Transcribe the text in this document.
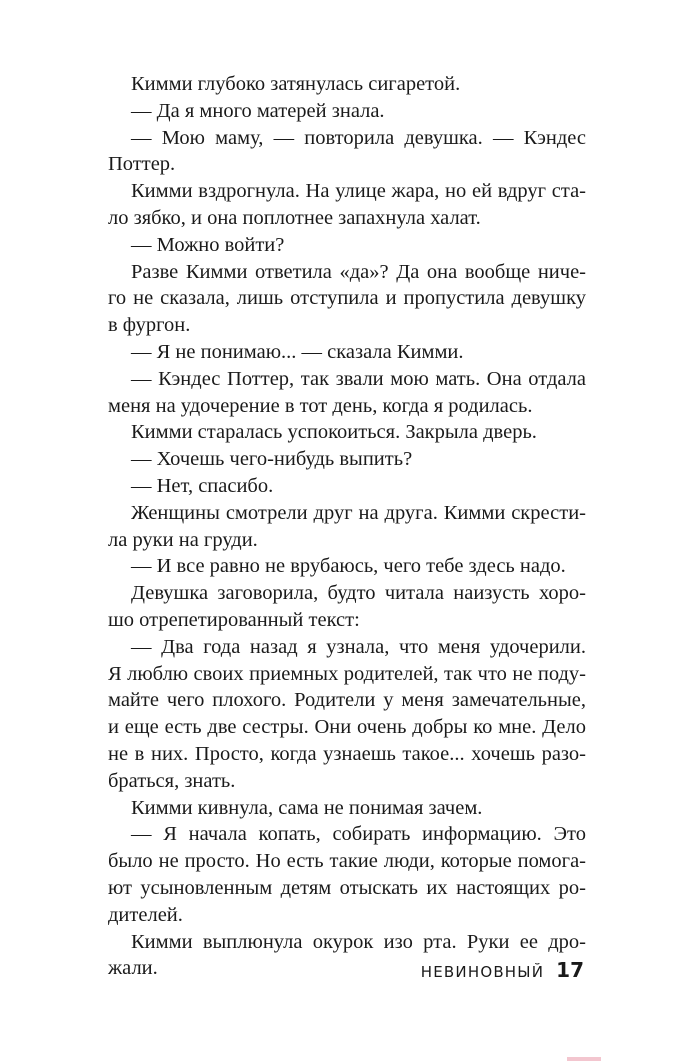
Кимми глубоко затянулась сигаретой.
— Да я много матерей знала.
— Мою маму, — повторила девушка. — Кэндес
Поттер.
Кимми вздрогнула. На улице жара, но ей вдруг ста-
ло зябко, и она поплотнее запахнула халат.
— Можно войти?
Разве Кимми ответила «да»? Да она вообще ниче-
го не сказала, лишь отступила и пропустила девушку
в фургон.
— Я не понимаю... — сказала Кимми.
— Кэндес Поттер, так звали мою мать. Она отдала
меня на удочерение в тот день, когда я родилась.
Кимми старалась успокоиться. Закрыла дверь.
— Хочешь чего-нибудь выпить?
— Нет, спасибо.
Женщины смотрели друг на друга. Кимми скрести-
ла руки на груди.
— И все равно не врубаюсь, чего тебе здесь надо.
Девушка заговорила, будто читала наизусть хоро-
шо отрепетированный текст:
— Два года назад я узнала, что меня удочерили.
Я люблю своих приемных родителей, так что не поду-
майте чего плохого. Родители у меня замечательные,
и еще есть две сестры. Они очень добры ко мне. Дело
не в них. Просто, когда узнаешь такое... хочешь разо-
браться, знать.
Кимми кивнула, сама не понимая зачем.
— Я начала копать, собирать информацию. Это
было не просто. Но есть такие люди, которые помога-
ют усыновленным детям отыскать их настоящих ро-
дителей.
Кимми выплюнула окурок изо рта. Руки ее дро-
жали.	НЕВИНОВНЫЙ 17
